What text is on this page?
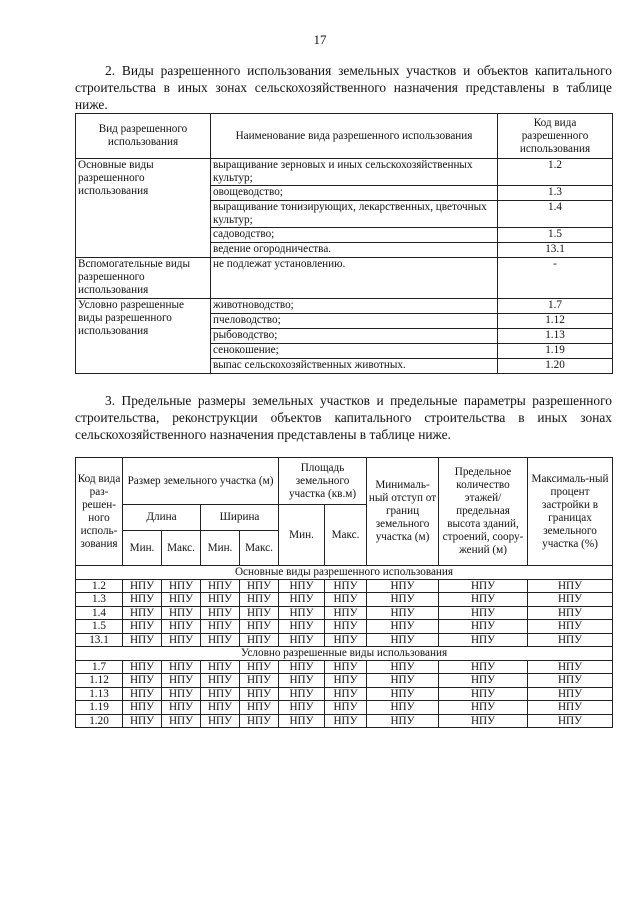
17

2. Виды разрешенного использования земельных участков и объектов капитального строительства в иных зонах сельскохозяйственного назначения представлены в таблице ниже.

Вид разрешенного использования	Наименование вида разрешенного использования	Код вида разрешенного использования
Основные виды разрешенного использования	выращивание зерновых и иных сельскохозяйственных культур;	1.2
	овощеводство;	1.3
	выращивание тонизирующих, лекарственных, цветочных культур;	1.4
	садоводство;	1.5
	ведение огородничества.	13.1
Вспомогательные виды разрешенного использования	не подлежат установлению.	-
Условно разрешенные виды разрешенного использования	животноводство;	1.7
	пчеловодство;	1.12
	рыбоводство;	1.13
	сенокошение;	1.19
	выпас сельскохозяйственных животных.	1.20

3. Предельные размеры земельных участков и предельные параметры разрешенного строительства, реконструкции объектов капитального строительства в иных зонах сельскохозяйственного назначения представлены в таблице ниже.

Код вида раз-решен-ного исполь-зования	Размер земельного участка (м)				Площадь земельного участка (кв.м)		Минималь-ный отступ от границ земельного участка (м)	Предельное количество этажей/ предельная высота зданий, строений, соору-жений (м)	Максималь-ный процент застройки в границах земельного участка (%)
	Длина		Ширина		Мин.	Макс.			
	Мин.	Макс.	Мин.	Макс.					
Основные виды разрешенного использования									
1.2	НПУ	НПУ	НПУ	НПУ	НПУ	НПУ	НПУ	НПУ	НПУ
1.3	НПУ	НПУ	НПУ	НПУ	НПУ	НПУ	НПУ	НПУ	НПУ
1.4	НПУ	НПУ	НПУ	НПУ	НПУ	НПУ	НПУ	НПУ	НПУ
1.5	НПУ	НПУ	НПУ	НПУ	НПУ	НПУ	НПУ	НПУ	НПУ
13.1	НПУ	НПУ	НПУ	НПУ	НПУ	НПУ	НПУ	НПУ	НПУ
Условно разрешенные виды использования									
1.7	НПУ	НПУ	НПУ	НПУ	НПУ	НПУ	НПУ	НПУ	НПУ
1.12	НПУ	НПУ	НПУ	НПУ	НПУ	НПУ	НПУ	НПУ	НПУ
1.13	НПУ	НПУ	НПУ	НПУ	НПУ	НПУ	НПУ	НПУ	НПУ
1.19	НПУ	НПУ	НПУ	НПУ	НПУ	НПУ	НПУ	НПУ	НПУ
1.20	НПУ	НПУ	НПУ	НПУ	НПУ	НПУ	НПУ	НПУ	НПУ
